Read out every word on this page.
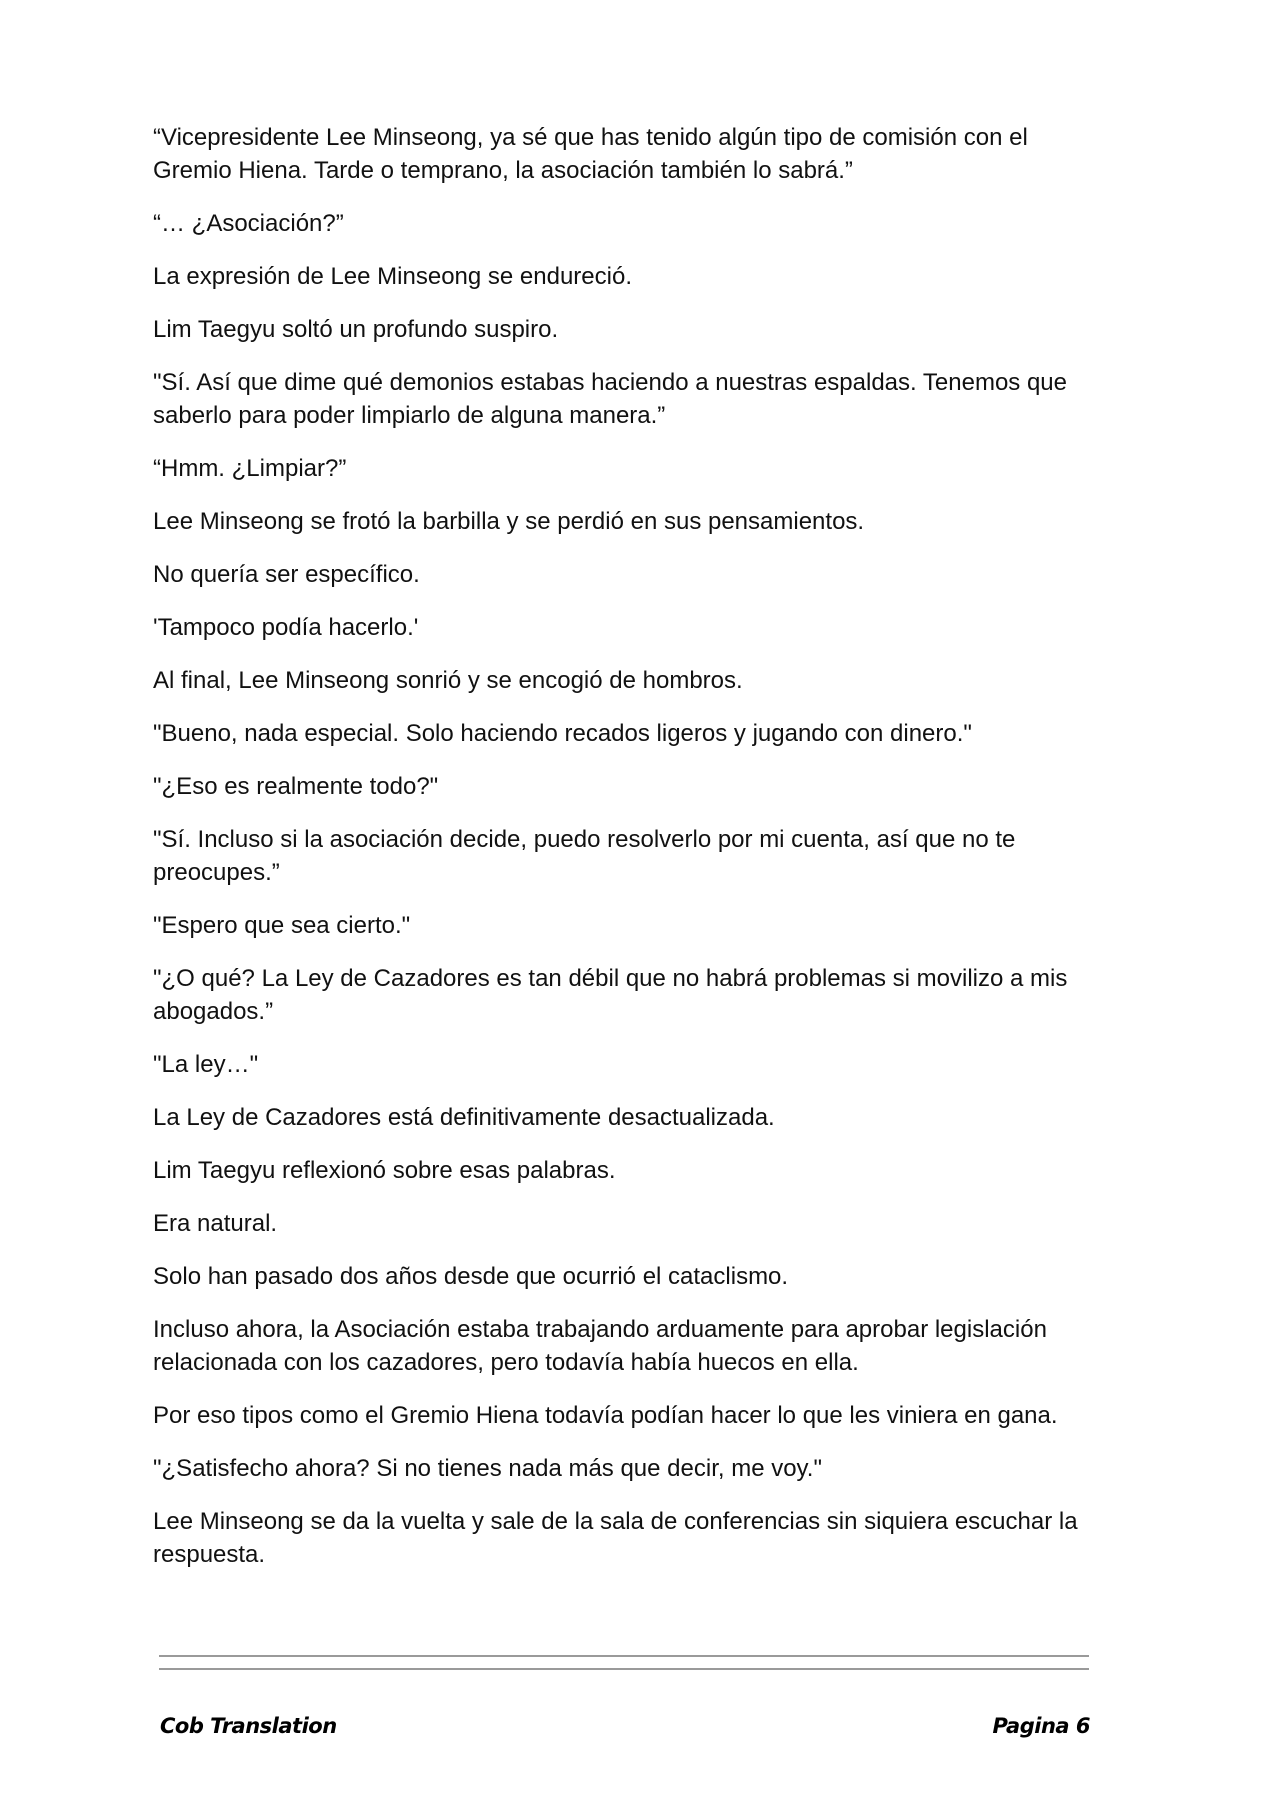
“Vicepresidente Lee Minseong, ya sé que has tenido algún tipo de comisión con el Gremio Hiena. Tarde o temprano, la asociación también lo sabrá.”

“… ¿Asociación?”

La expresión de Lee Minseong se endureció.

Lim Taegyu soltó un profundo suspiro.

"Sí. Así que dime qué demonios estabas haciendo a nuestras espaldas. Tenemos que saberlo para poder limpiarlo de alguna manera.”

“Hmm. ¿Limpiar?”

Lee Minseong se frotó la barbilla y se perdió en sus pensamientos.

No quería ser específico.

'Tampoco podía hacerlo.'

Al final, Lee Minseong sonrió y se encogió de hombros.

"Bueno, nada especial. Solo haciendo recados ligeros y jugando con dinero."

"¿Eso es realmente todo?"

"Sí. Incluso si la asociación decide, puedo resolverlo por mi cuenta, así que no te preocupes.”

"Espero que sea cierto."

"¿O qué? La Ley de Cazadores es tan débil que no habrá problemas si movilizo a mis abogados.”

"La ley…"

La Ley de Cazadores está definitivamente desactualizada.

Lim Taegyu reflexionó sobre esas palabras.

Era natural.

Solo han pasado dos años desde que ocurrió el cataclismo.

Incluso ahora, la Asociación estaba trabajando arduamente para aprobar legislación relacionada con los cazadores, pero todavía había huecos en ella.

Por eso tipos como el Gremio Hiena todavía podían hacer lo que les viniera en gana.

"¿Satisfecho ahora? Si no tienes nada más que decir, me voy."

Lee Minseong se da la vuelta y sale de la sala de conferencias sin siquiera escuchar la respuesta.

Cob Translation	Pagina 6
